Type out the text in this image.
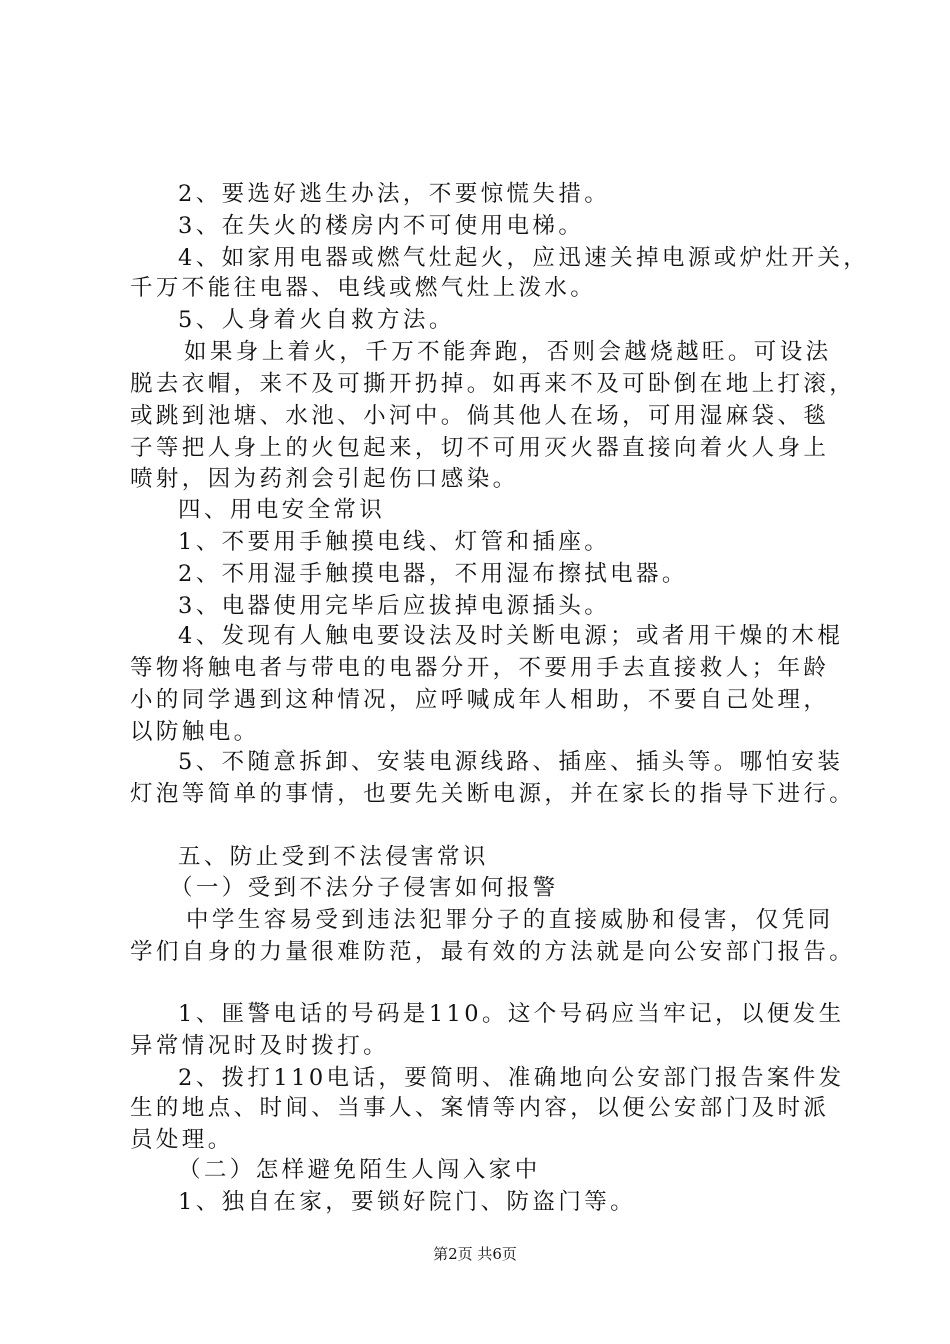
2、要选好逃生办法，不要惊慌失措。
3、在失火的楼房内不可使用电梯。
4、如家用电器或燃气灶起火，应迅速关掉电源或炉灶开关，
千万不能往电器、电线或燃气灶上泼水。
5、人身着火自救方法。
如果身上着火，千万不能奔跑，否则会越烧越旺。可设法
脱去衣帽，来不及可撕开扔掉。如再来不及可卧倒在地上打滚，
或跳到池塘、水池、小河中。倘其他人在场，可用湿麻袋、毯
子等把人身上的火包起来，切不可用灭火器直接向着火人身上
喷射，因为药剂会引起伤口感染。
四、用电安全常识
1、不要用手触摸电线、灯管和插座。
2、不用湿手触摸电器，不用湿布擦拭电器。
3、电器使用完毕后应拔掉电源插头。
4、发现有人触电要设法及时关断电源；或者用干燥的木棍
等物将触电者与带电的电器分开，不要用手去直接救人；年龄
小的同学遇到这种情况，应呼喊成年人相助，不要自己处理，
以防触电。
5、不随意拆卸、安装电源线路、插座、插头等。哪怕安装
灯泡等简单的事情，也要先关断电源，并在家长的指导下进行。
五、防止受到不法侵害常识
（一）受到不法分子侵害如何报警
中学生容易受到违法犯罪分子的直接威胁和侵害，仅凭同
学们自身的力量很难防范，最有效的方法就是向公安部门报告。
1、匪警电话的号码是110。这个号码应当牢记，以便发生
异常情况时及时拨打。
2、拨打110电话，要简明、准确地向公安部门报告案件发
生的地点、时间、当事人、案情等内容，以便公安部门及时派
员处理。
（二）怎样避免陌生人闯入家中
1、独自在家，要锁好院门、防盗门等。
第2页 共6页
